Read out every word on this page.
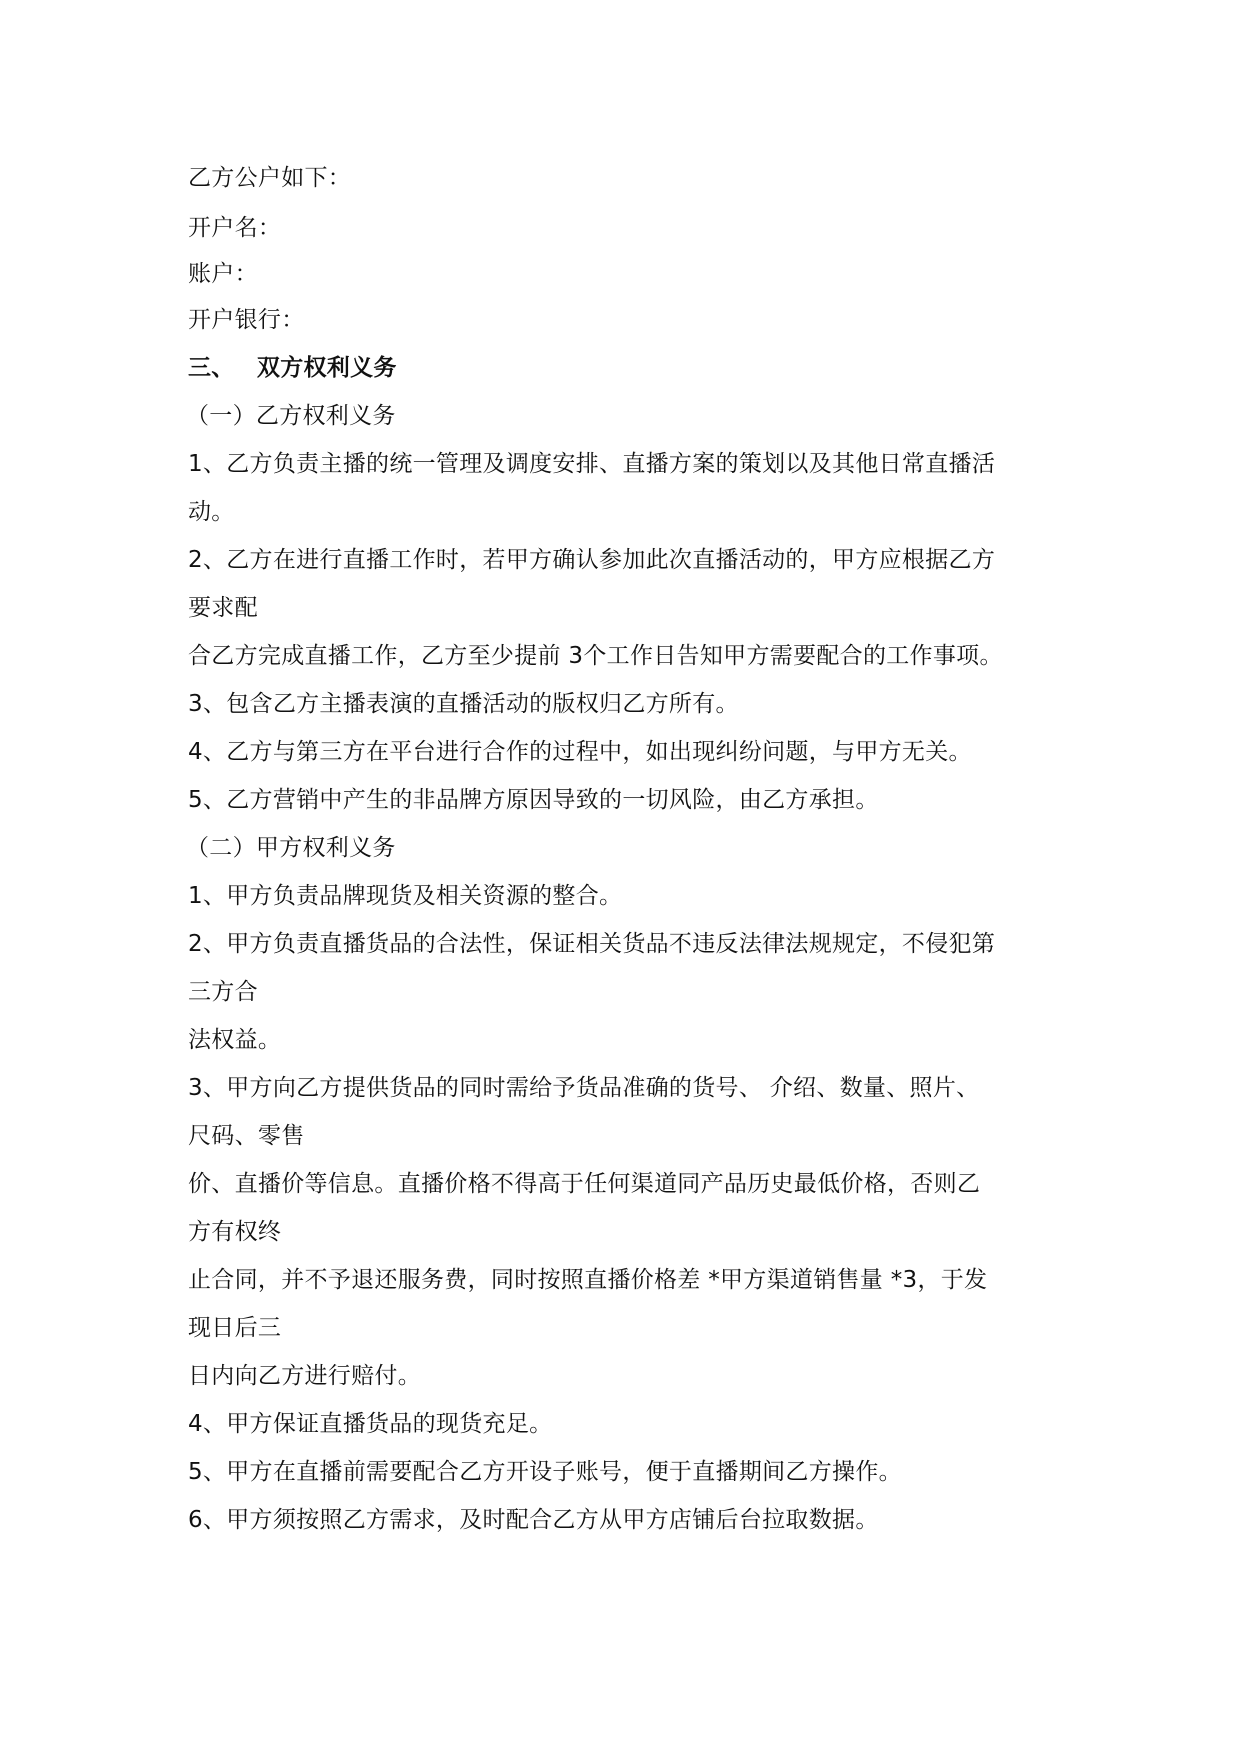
乙方公户如下：
开户名：
账户：
开户银行：
三、 双方权利义务
（一）乙方权利义务
1、乙方负责主播的统一管理及调度安排、直播方案的策划以及其他日常直播活
动。
2、乙方在进行直播工作时，若甲方确认参加此次直播活动的，甲方应根据乙方
要求配
合乙方完成直播工作，乙方至少提前 3个工作日告知甲方需要配合的工作事项。
3、包含乙方主播表演的直播活动的版权归乙方所有。
4、乙方与第三方在平台进行合作的过程中，如出现纠纷问题，与甲方无关。
5、乙方营销中产生的非品牌方原因导致的一切风险，由乙方承担。
（二）甲方权利义务
1、甲方负责品牌现货及相关资源的整合。
2、甲方负责直播货品的合法性，保证相关货品不违反法律法规规定，不侵犯第
三方合
法权益。
3、甲方向乙方提供货品的同时需给予货品准确的货号、 介绍、数量、照片、
尺码、零售
价、直播价等信息。直播价格不得高于任何渠道同产品历史最低价格，否则乙
方有权终
止合同，并不予退还服务费，同时按照直播价格差 *甲方渠道销售量 *3，于发
现日后三
日内向乙方进行赔付。
4、甲方保证直播货品的现货充足。
5、甲方在直播前需要配合乙方开设子账号，便于直播期间乙方操作。
6、甲方须按照乙方需求，及时配合乙方从甲方店铺后台拉取数据。
